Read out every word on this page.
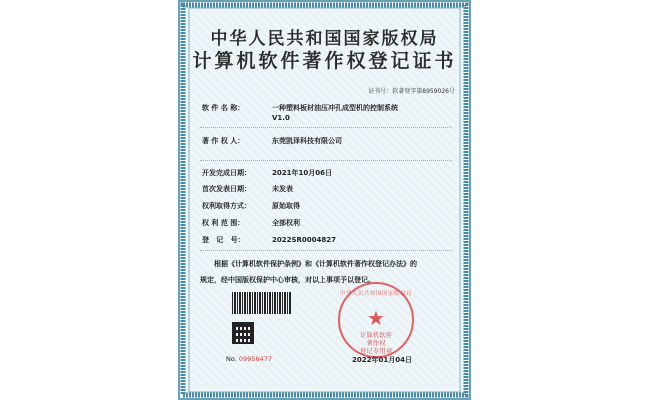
中华人民共和国国家版权局
计算机软件著作权登记证书
证书号：软著登字第8959026号
软 件 名 称：	一种塑料板材油压冲孔成型机的控制系统
V1.0
著 作 权 人：	东莞凯泽科技有限公司
开发完成日期：	2021年10月06日
首次发表日期：	未发表
权利取得方式：	原始取得
权 利 范 围：	全部权利
登   记   号：	2022SR0004827
根据《计算机软件保护条例》和《计算机软件著作权登记办法》的
规定，经中国版权保护中心审核，对以上事项予以登记。
No. 09956477
中华人民共和国国家版权局
★
计算机软件
著作权
登记专用章
2022年01月04日
